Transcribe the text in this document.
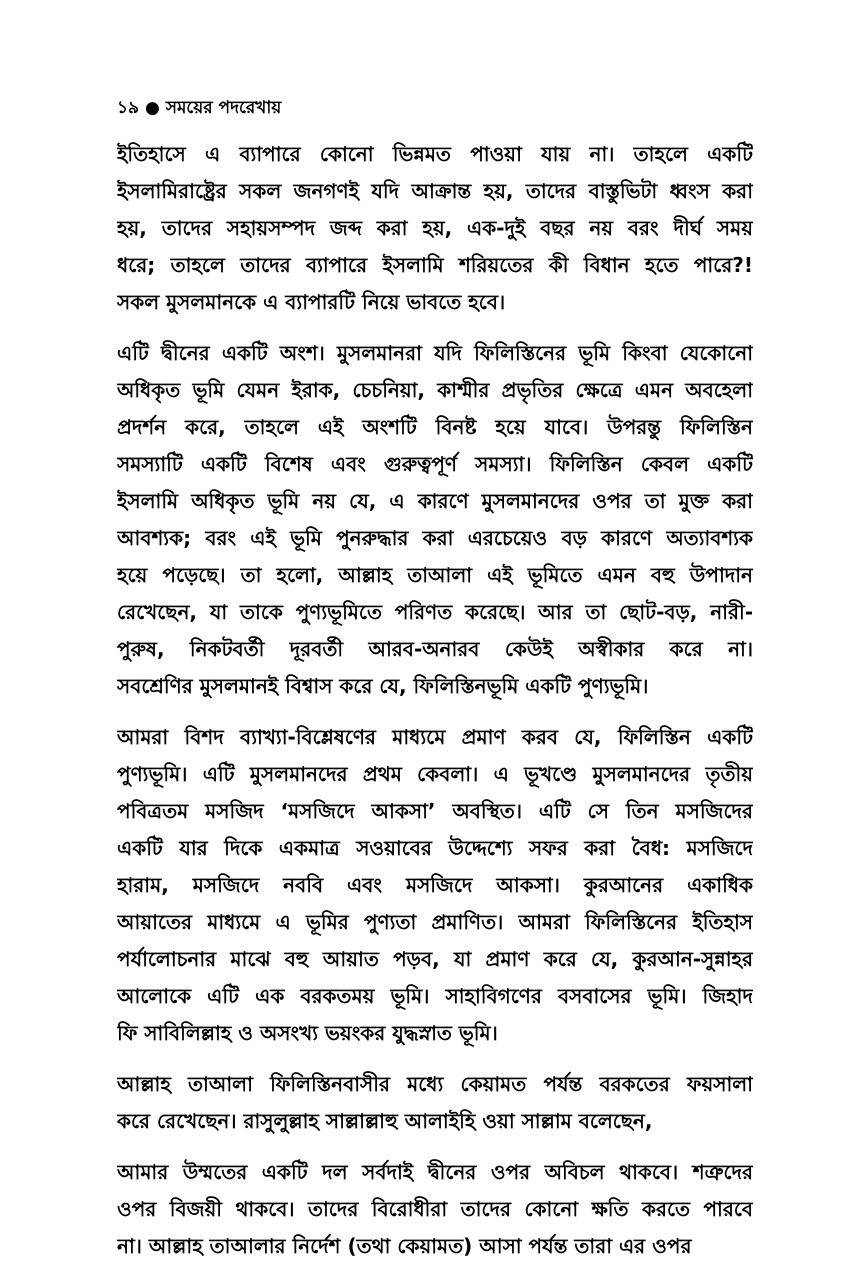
১৯ ● সময়ের পদরেখায়

ইতিহাসে এ ব্যাপারে কোনো ভিন্নমত পাওয়া যায় না। তাহলে একটি
ইসলামিরাষ্ট্রের সকল জনগণই যদি আক্রান্ত হয়, তাদের বাস্তুভিটা ধ্বংস করা
হয়, তাদের সহায়সম্পদ জব্দ করা হয়, এক-দুই বছর নয় বরং দীর্ঘ সময়
ধরে; তাহলে তাদের ব্যাপারে ইসলামি শরিয়তের কী বিধান হতে পারে?!
সকল মুসলমানকে এ ব্যাপারটি নিয়ে ভাবতে হবে।

এটি দ্বীনের একটি অংশ। মুসলমানরা যদি ফিলিস্তিনের ভূমি কিংবা যেকোনো
অধিকৃত ভূমি যেমন ইরাক, চেচনিয়া, কাশ্মীর প্রভৃতির ক্ষেত্রে এমন অবহেলা
প্রদর্শন করে, তাহলে এই অংশটি বিনষ্ট হয়ে যাবে। উপরন্তু ফিলিস্তিন
সমস্যাটি একটি বিশেষ এবং গুরুত্বপূর্ণ সমস্যা। ফিলিস্তিন কেবল একটি
ইসলামি অধিকৃত ভূমি নয় যে, এ কারণে মুসলমানদের ওপর তা মুক্ত করা
আবশ্যক; বরং এই ভূমি পুনরুদ্ধার করা এরচেয়েও বড় কারণে অত্যাবশ্যক
হয়ে পড়েছে। তা হলো, আল্লাহ তাআলা এই ভূমিতে এমন বহু উপাদান
রেখেছেন, যা তাকে পুণ্যভূমিতে পরিণত করেছে। আর তা ছোট-বড়, নারী-
পুরুষ, নিকটবর্তী দূরবর্তী আরব-অনারব কেউই অস্বীকার করে না।
সবশ্রেণির মুসলমানই বিশ্বাস করে যে, ফিলিস্তিনভূমি একটি পুণ্যভূমি।

আমরা বিশদ ব্যাখ্যা-বিশ্লেষণের মাধ্যমে প্রমাণ করব যে, ফিলিস্তিন একটি
পুণ্যভূমি। এটি মুসলমানদের প্রথম কেবলা। এ ভূখণ্ডে মুসলমানদের তৃতীয়
পবিত্রতম মসজিদ ‘মসজিদে আকসা’ অবস্থিত। এটি সে তিন মসজিদের
একটি যার দিকে একমাত্র সওয়াবের উদ্দেশ্যে সফর করা বৈধ: মসজিদে
হারাম, মসজিদে নববি এবং মসজিদে আকসা। কুরআনের একাধিক
আয়াতের মাধ্যমে এ ভূমির পুণ্যতা প্রমাণিত। আমরা ফিলিস্তিনের ইতিহাস
পর্যালোচনার মাঝে বহু আয়াত পড়ব, যা প্রমাণ করে যে, কুরআন-সুন্নাহর
আলোকে এটি এক বরকতময় ভূমি। সাহাবিগণের বসবাসের ভূমি। জিহাদ
ফি সাবিলিল্লাহ ও অসংখ্য ভয়ংকর যুদ্ধস্নাত ভূমি।

আল্লাহ তাআলা ফিলিস্তিনবাসীর মধ্যে কেয়ামত পর্যন্ত বরকতের ফয়সালা
করে রেখেছেন। রাসুলুল্লাহ সাল্লাল্লাহু আলাইহি ওয়া সাল্লাম বলেছেন,

আমার উম্মতের একটি দল সর্বদাই দ্বীনের ওপর অবিচল থাকবে। শত্রুদের
ওপর বিজয়ী থাকবে। তাদের বিরোধীরা তাদের কোনো ক্ষতি করতে পারবে
না। আল্লাহ তাআলার নির্দেশ (তথা কেয়ামত) আসা পর্যন্ত তারা এর ওপর
